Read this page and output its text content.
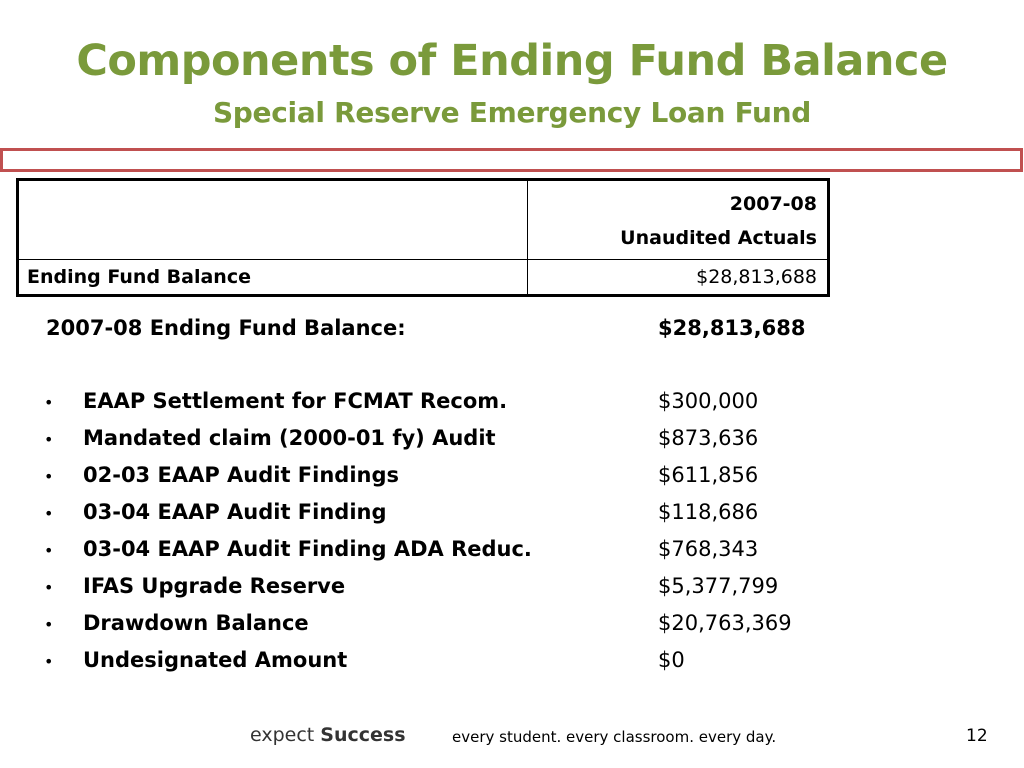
Components of Ending Fund Balance
Special Reserve Emergency Loan Fund

	2007-08
Unaudited Actuals

Ending Fund Balance	$28,813,688
2007-08 Ending Fund Balance:	$28,813,688
• EAAP Settlement for FCMAT Recom.	$300,000
• Mandated claim (2000-01 fy) Audit	$873,636
• 02-03 EAAP Audit Findings	$611,856
• 03-04 EAAP Audit Finding	$118,686
• 03-04 EAAP Audit Finding ADA Reduc.	$768,343
• IFAS Upgrade Reserve	$5,377,799
• Drawdown Balance	$20,763,369
• Undesignated Amount	$0
expect Success	every student. every classroom. every day.	12
